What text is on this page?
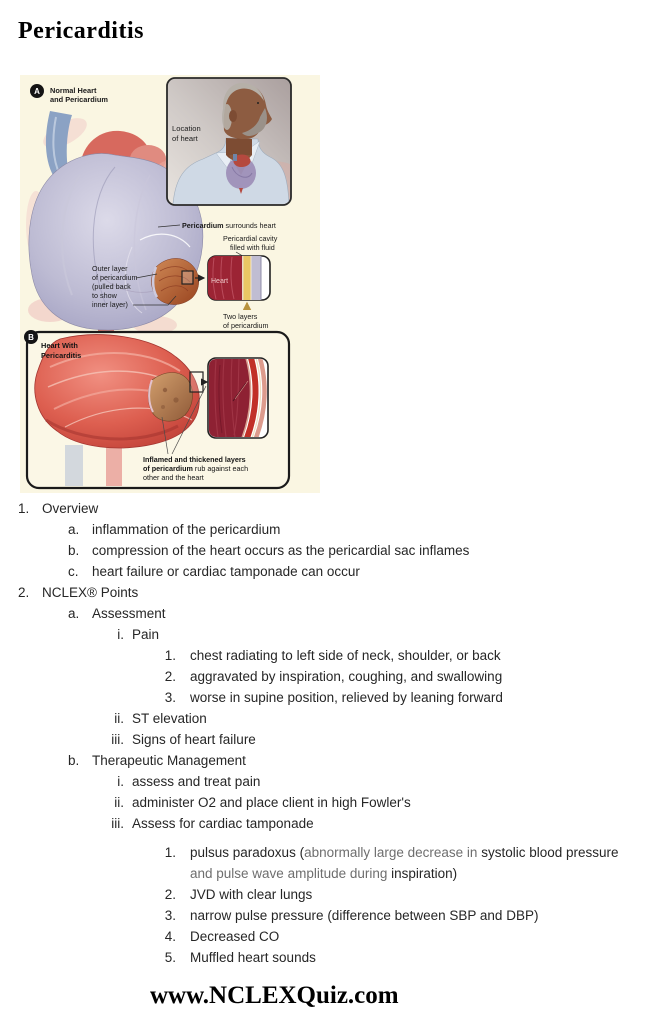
Pericarditis
A Normal Heart
and Pericardium
Location
of heart
Pericardium surrounds heart
Pericardial cavity
filled with fluid
Outer layer
of pericardium
(pulled back
to show
inner layer)
Heart
Two layers
of pericardium
B
Heart With
Pericarditis
Inflamed and thickened layers
of pericardium rub against each
other and the heart
1. Overview
a. inflammation of the pericardium
b. compression of the heart occurs as the pericardial sac inflames
c. heart failure or cardiac tamponade can occur
2. NCLEX® Points
a. Assessment
i. Pain
1. chest radiating to left side of neck, shoulder, or back
2. aggravated by inspiration, coughing, and swallowing
3. worse in supine position, relieved by leaning forward
ii. ST elevation
iii. Signs of heart failure
b. Therapeutic Management
i. assess and treat pain
ii. administer O2 and place client in high Fowler's
iii. Assess for cardiac tamponade
1. pulsus paradoxus (abnormally large decrease in systolic blood pressure
and pulse wave amplitude during inspiration)
2. JVD with clear lungs
3. narrow pulse pressure (difference between SBP and DBP)
4. Decreased CO
5. Muffled heart sounds
www.NCLEXQuiz.com
